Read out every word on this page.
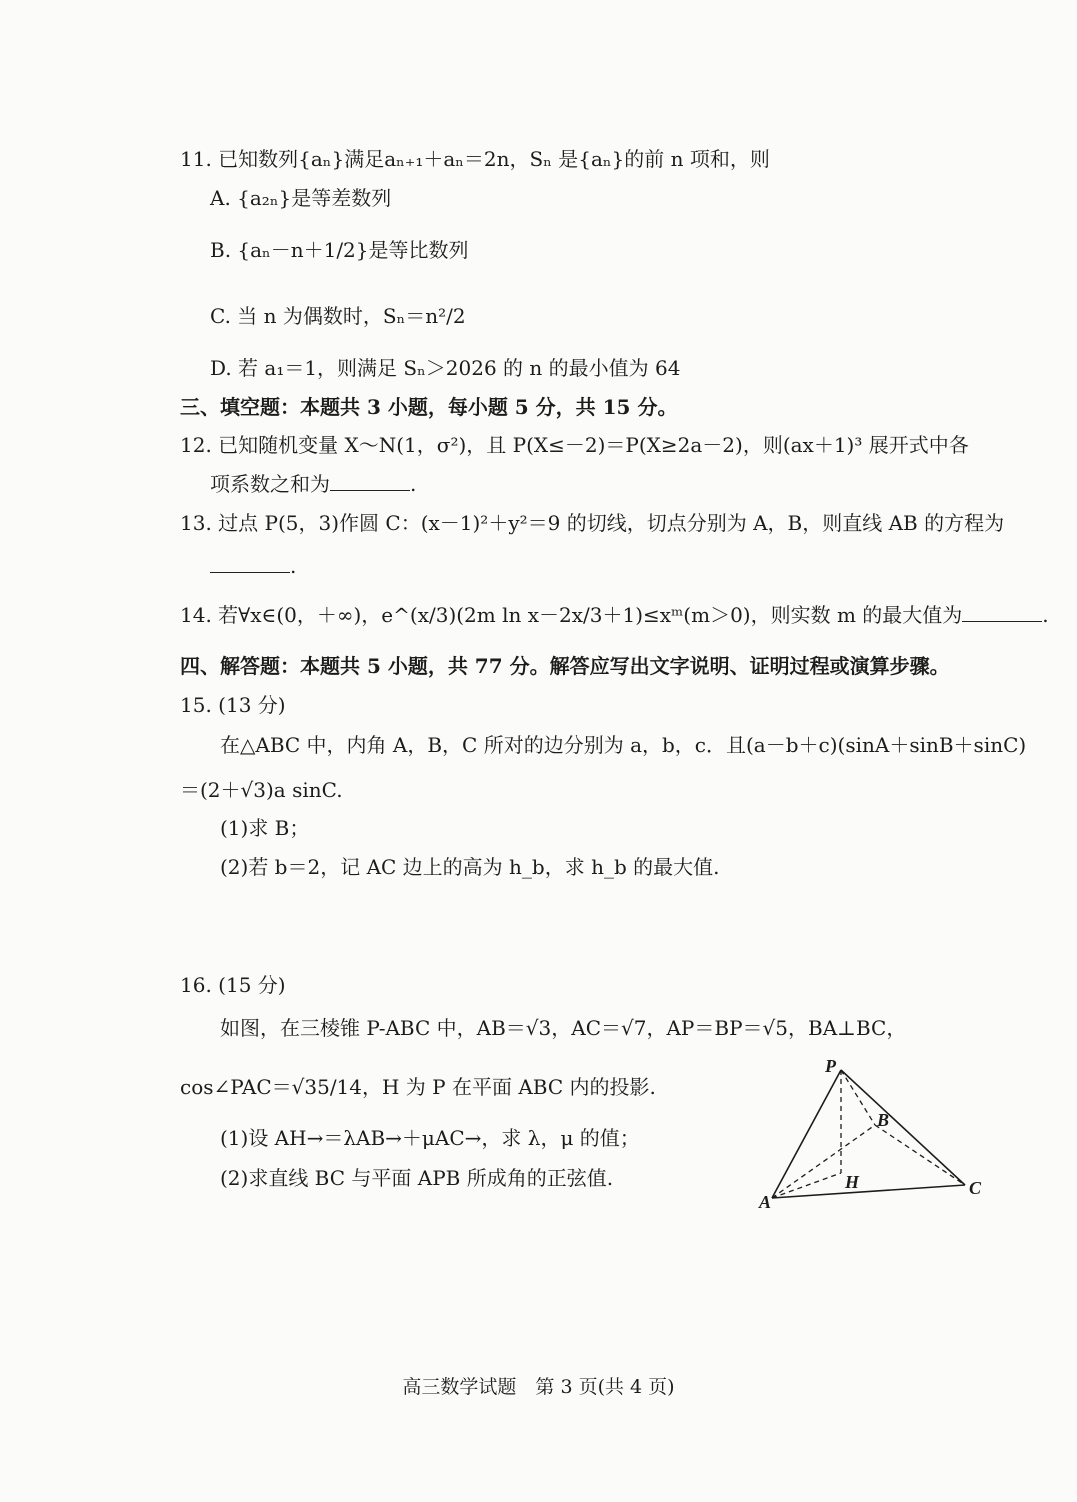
11. 已知数列{aₙ}满足aₙ₊₁＋aₙ＝2n，Sₙ 是{aₙ}的前 n 项和，则
A. {a₂ₙ}是等差数列
B. {aₙ－n＋1/2}是等比数列
C. 当 n 为偶数时，Sₙ＝n²/2
D. 若 a₁＝1，则满足 Sₙ＞2026 的 n 的最小值为 64
三、填空题：本题共 3 小题，每小题 5 分，共 15 分。
12. 已知随机变量 X～N(1，σ²)，且 P(X≤－2)＝P(X≥2a－2)，则(ax＋1)³ 展开式中各
项系数之和为	.
13. 过点 P(5，3)作圆 C：(x－1)²＋y²＝9 的切线，切点分别为 A，B，则直线 AB 的方程为
.
14. 若∀x∈(0，＋∞)，e^(x/3)(2m ln x－2x/3＋1)≤xᵐ(m＞0)，则实数 m 的最大值为	.
四、解答题：本题共 5 小题，共 77 分。解答应写出文字说明、证明过程或演算步骤。
15. (13 分)
在△ABC 中，内角 A，B，C 所对的边分别为 a，b，c．且(a－b＋c)(sinA＋sinB＋sinC)
＝(2＋√3)a sinC.
(1)求 B；
(2)若 b＝2，记 AC 边上的高为 h_b，求 h_b 的最大值.
16. (15 分)
如图，在三棱锥 P-ABC 中，AB＝√3，AC＝√7，AP＝BP＝√5，BA⊥BC，
cos∠PAC＝√35/14，H 为 P 在平面 ABC 内的投影.
(1)设 AH→＝λAB→＋μAC→，求 λ，μ 的值；
(2)求直线 BC 与平面 APB 所成角的正弦值.
P
B
H
A
C
高三数学试题　第 3 页(共 4 页)
